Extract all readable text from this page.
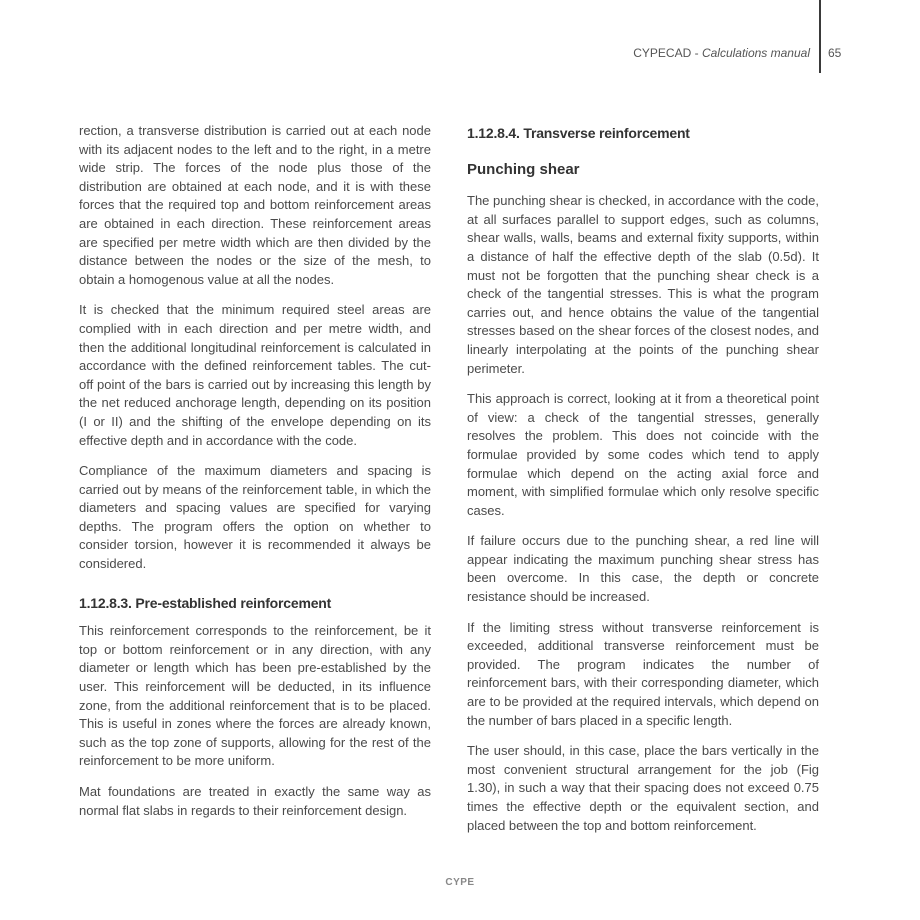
CYPECAD - Calculations manual 65

rection, a transverse distribution is carried out at each node with its adjacent nodes to the left and to the right, in a metre wide strip. The forces of the node plus those of the distribution are obtained at each node, and it is with these forces that the required top and bottom reinforcement areas are obtained in each direction. These reinforcement areas are specified per metre width which are then divided by the distance between the nodes or the size of the mesh, to obtain a homogenous value at all the nodes.

It is checked that the minimum required steel areas are complied with in each direction and per metre width, and then the additional longitudinal reinforcement is calculated in accordance with the defined reinforcement tables. The cut-off point of the bars is carried out by increasing this length by the net reduced anchorage length, depending on its position (I or II) and the shifting of the envelope depending on its effective depth and in accordance with the code.

Compliance of the maximum diameters and spacing is carried out by means of the reinforcement table, in which the diameters and spacing values are specified for varying depths. The program offers the option on whether to consider torsion, however it is recommended it always be considered.

1.12.8.3. Pre-established reinforcement

This reinforcement corresponds to the reinforcement, be it top or bottom reinforcement or in any direction, with any diameter or length which has been pre-established by the user. This reinforcement will be deducted, in its influence zone, from the additional reinforcement that is to be placed. This is useful in zones where the forces are already known, such as the top zone of supports, allowing for the rest of the reinforcement to be more uniform.

Mat foundations are treated in exactly the same way as normal flat slabs in regards to their reinforcement design.

1.12.8.4. Transverse reinforcement
Punching shear

The punching shear is checked, in accordance with the code, at all surfaces parallel to support edges, such as columns, shear walls, walls, beams and external fixity supports, within a distance of half the effective depth of the slab (0.5d). It must not be forgotten that the punching shear check is a check of the tangential stresses. This is what the program carries out, and hence obtains the value of the tangential stresses based on the shear forces of the closest nodes, and linearly interpolating at the points of the punching shear perimeter.

This approach is correct, looking at it from a theoretical point of view: a check of the tangential stresses, generally resolves the problem. This does not coincide with the formulae provided by some codes which tend to apply formulae which depend on the acting axial force and moment, with simplified formulae which only resolve specific cases.

If failure occurs due to the punching shear, a red line will appear indicating the maximum punching shear stress has been overcome. In this case, the depth or concrete resistance should be increased.

If the limiting stress without transverse reinforcement is exceeded, additional transverse reinforcement must be provided. The program indicates the number of reinforcement bars, with their corresponding diameter, which are to be provided at the required intervals, which depend on the number of bars placed in a specific length.

The user should, in this case, place the bars vertically in the most convenient structural arrangement for the job (Fig 1.30), in such a way that their spacing does not exceed 0.75 times the effective depth or the equivalent section, and placed between the top and bottom reinforcement.

CYPE
